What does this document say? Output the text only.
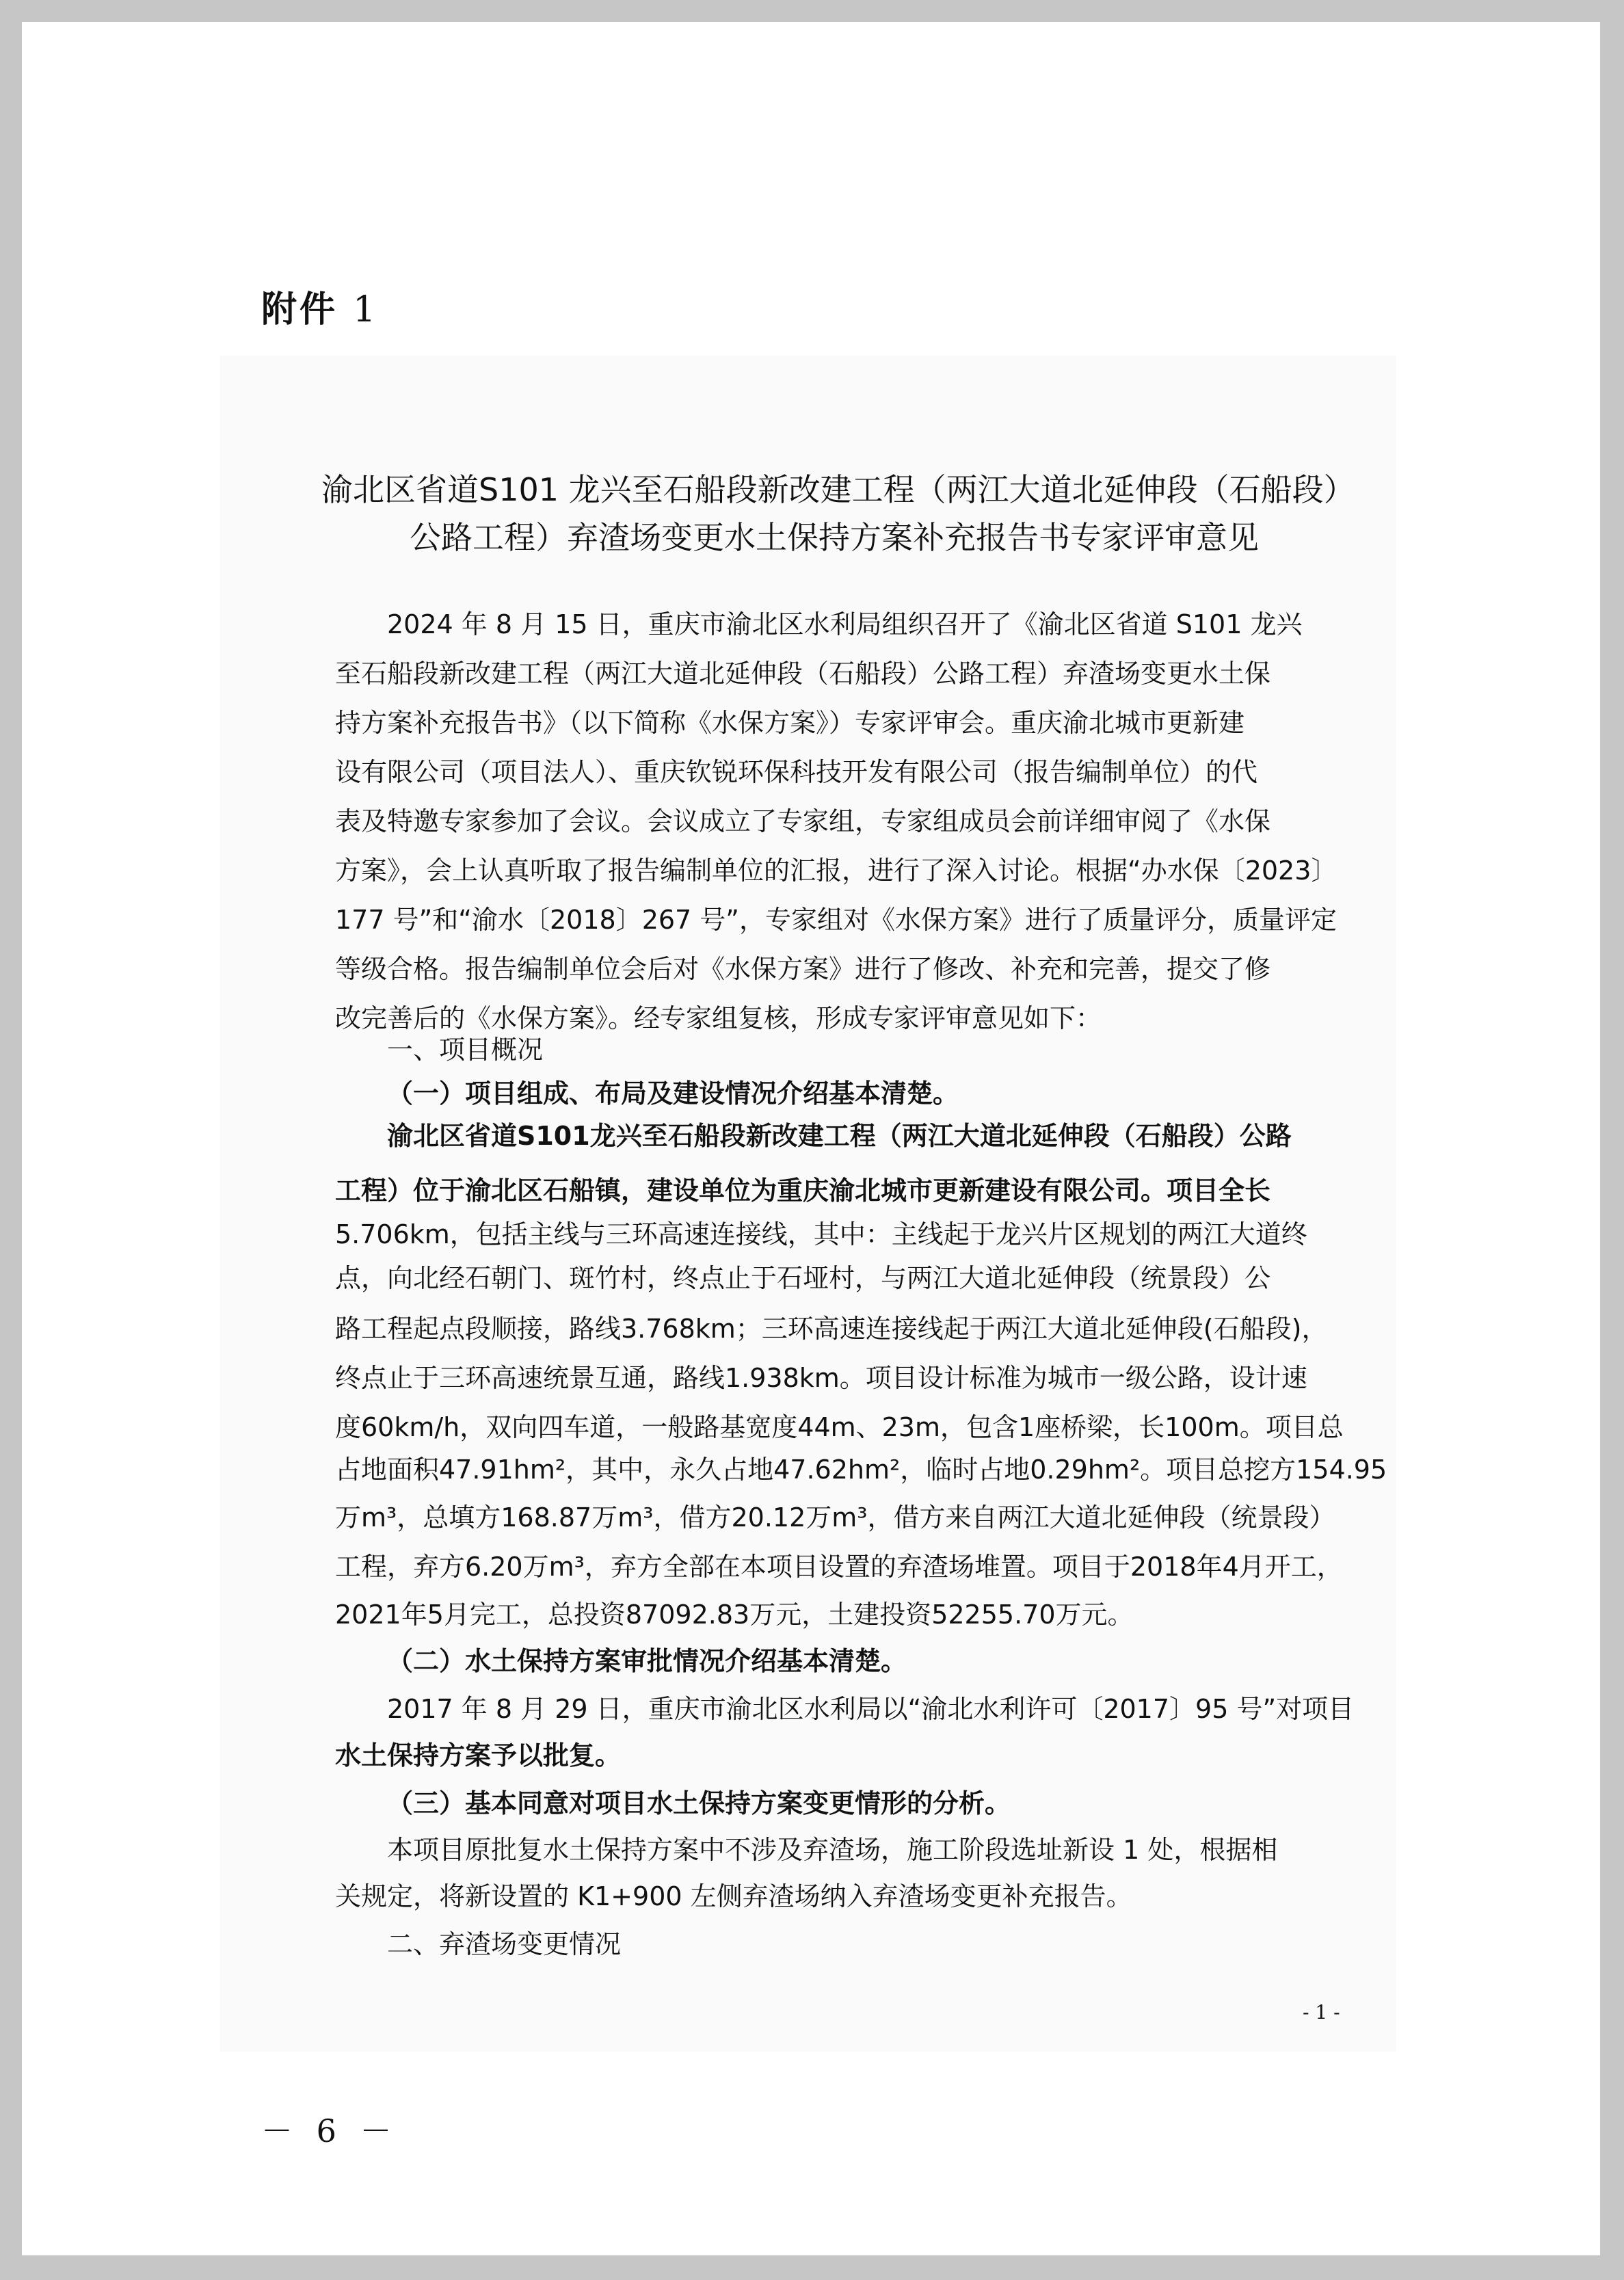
附件 1
渝北区省道S101 龙兴至石船段新改建工程（两江大道北延伸段（石船段）
公路工程）弃渣场变更水土保持方案补充报告书专家评审意见
2024 年 8 月 15 日，重庆市渝北区水利局组织召开了《渝北区省道 S101 龙兴
至石船段新改建工程（两江大道北延伸段（石船段）公路工程）弃渣场变更水土保
持方案补充报告书》（以下简称《水保方案》）专家评审会。重庆渝北城市更新建
设有限公司（项目法人）、重庆钦锐环保科技开发有限公司（报告编制单位）的代
表及特邀专家参加了会议。会议成立了专家组，专家组成员会前详细审阅了《水保
方案》，会上认真听取了报告编制单位的汇报，进行了深入讨论。根据“办水保〔2023〕
177 号”和“渝水〔2018〕267 号”，专家组对《水保方案》进行了质量评分，质量评定
等级合格。报告编制单位会后对《水保方案》进行了修改、补充和完善，提交了修
改完善后的《水保方案》。经专家组复核，形成专家评审意见如下：
一、项目概况
（一）项目组成、布局及建设情况介绍基本清楚。
渝北区省道S101龙兴至石船段新改建工程（两江大道北延伸段（石船段）公路
工程）位于渝北区石船镇，建设单位为重庆渝北城市更新建设有限公司。项目全长
5.706km，包括主线与三环高速连接线，其中：主线起于龙兴片区规划的两江大道终
点，向北经石朝门、斑竹村，终点止于石垭村，与两江大道北延伸段（统景段）公
路工程起点段顺接，路线3.768km；三环高速连接线起于两江大道北延伸段(石船段)，
终点止于三环高速统景互通，路线1.938km。项目设计标准为城市一级公路，设计速
度60km/h，双向四车道，一般路基宽度44m、23m，包含1座桥梁，长100m。项目总
占地面积47.91hm²，其中，永久占地47.62hm²，临时占地0.29hm²。项目总挖方154.95
万m³，总填方168.87万m³，借方20.12万m³，借方来自两江大道北延伸段（统景段）
工程，弃方6.20万m³，弃方全部在本项目设置的弃渣场堆置。项目于2018年4月开工，
2021年5月完工，总投资87092.83万元，土建投资52255.70万元。
（二）水土保持方案审批情况介绍基本清楚。
2017 年 8 月 29 日，重庆市渝北区水利局以“渝北水利许可〔2017〕95 号”对项目
水土保持方案予以批复。
（三）基本同意对项目水土保持方案变更情形的分析。
本项目原批复水土保持方案中不涉及弃渣场，施工阶段选址新设 1 处，根据相
关规定，将新设置的 K1+900 左侧弃渣场纳入弃渣场变更补充报告。
二、弃渣场变更情况
- 1 -
－ 6 －
